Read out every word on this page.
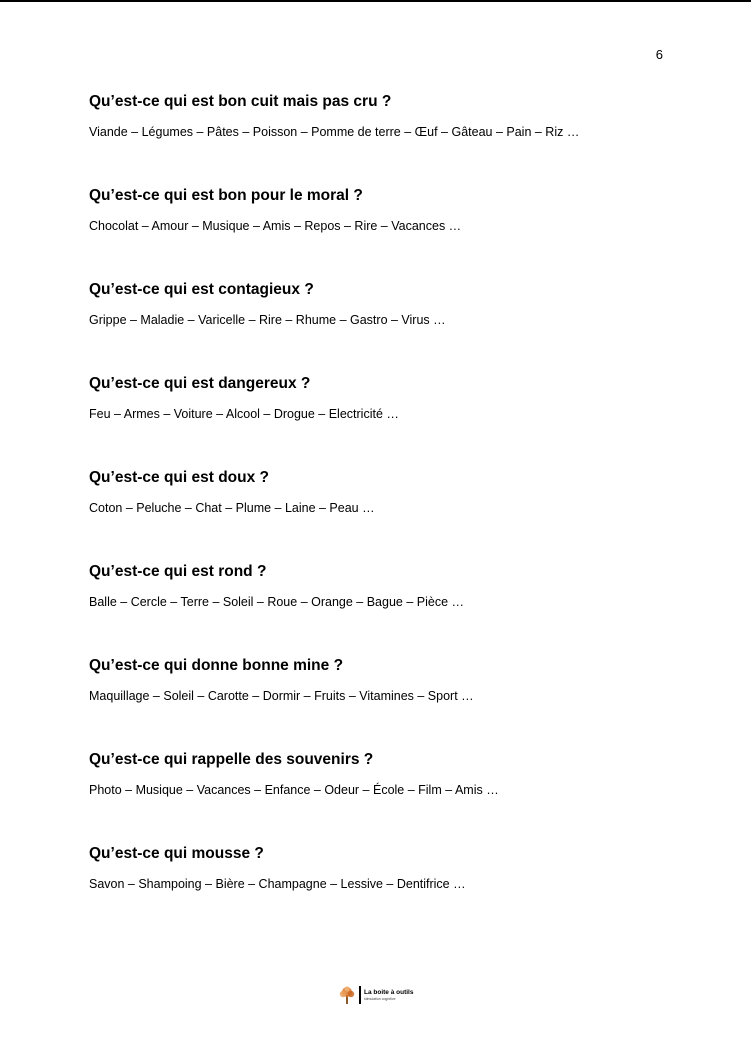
6
Qu’est-ce qui est bon cuit mais pas cru ?
Viande – Légumes – Pâtes – Poisson – Pomme de terre – Œuf – Gâteau – Pain – Riz …
Qu’est-ce qui est bon pour le moral ?
Chocolat – Amour – Musique – Amis – Repos – Rire – Vacances …
Qu’est-ce qui est contagieux ?
Grippe – Maladie – Varicelle – Rire – Rhume – Gastro – Virus …
Qu’est-ce qui est dangereux ?
Feu – Armes – Voiture – Alcool – Drogue – Electricité …
Qu’est-ce qui est doux ?
Coton – Peluche – Chat – Plume – Laine – Peau …
Qu’est-ce qui est rond ?
Balle – Cercle – Terre – Soleil – Roue – Orange – Bague – Pièce …
Qu’est-ce qui donne bonne mine ?
Maquillage – Soleil – Carotte – Dormir – Fruits – Vitamines – Sport …
Qu’est-ce qui rappelle des souvenirs ?
Photo – Musique – Vacances – Enfance – Odeur – École – Film – Amis …
Qu’est-ce qui mousse ?
Savon – Shampoing – Bière – Champagne – Lessive – Dentifrice …
La boite à outils
stimulation cognitive
